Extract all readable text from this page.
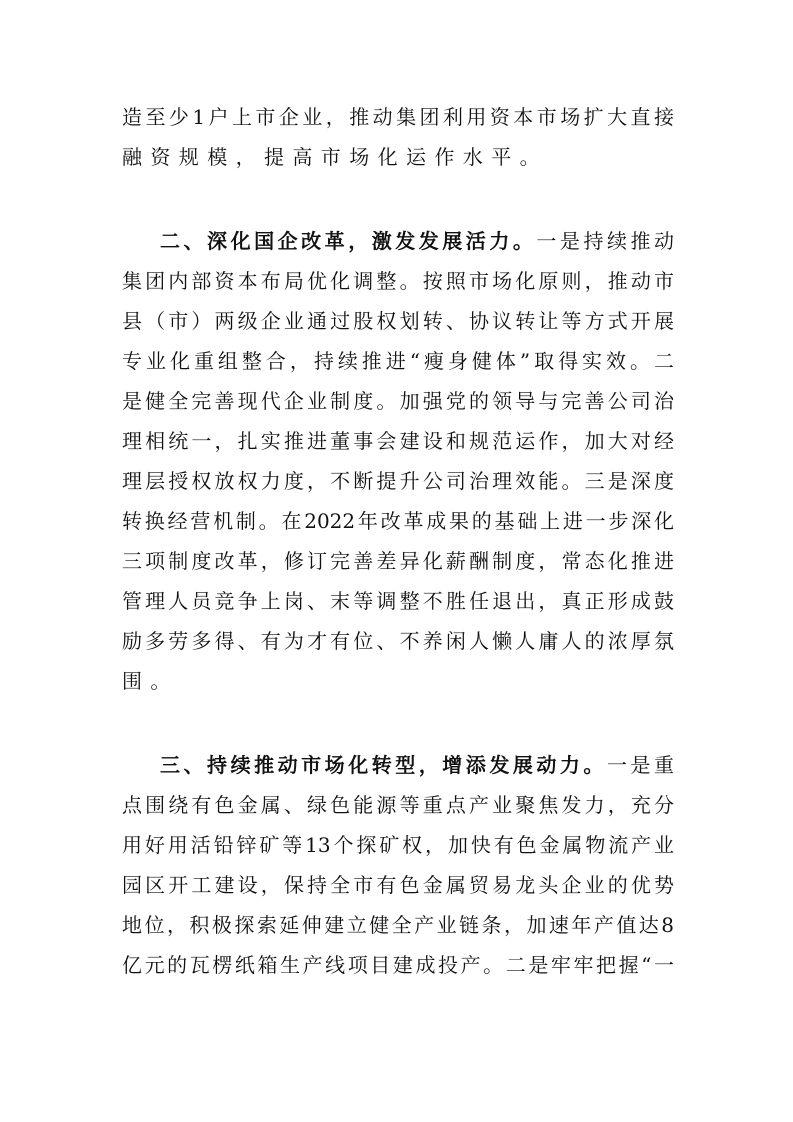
造至少1户上市企业，推动集团利用资本市场扩大直接
融资规模，提高市场化运作水平。
二、深化国企改革，激发发展活力。一是持续推动
集团内部资本布局优化调整。按照市场化原则，推动市
县（市）两级企业通过股权划转、协议转让等方式开展
专业化重组整合，持续推进“瘦身健体”取得实效。二
是健全完善现代企业制度。加强党的领导与完善公司治
理相统一，扎实推进董事会建设和规范运作，加大对经
理层授权放权力度，不断提升公司治理效能。三是深度
转换经营机制。在2022年改革成果的基础上进一步深化
三项制度改革，修订完善差异化薪酬制度，常态化推进
管理人员竞争上岗、末等调整不胜任退出，真正形成鼓
励多劳多得、有为才有位、不养闲人懒人庸人的浓厚氛
围。
三、持续推动市场化转型，增添发展动力。一是重
点围绕有色金属、绿色能源等重点产业聚焦发力，充分
用好用活铅锌矿等13个探矿权，加快有色金属物流产业
园区开工建设，保持全市有色金属贸易龙头企业的优势
地位，积极探索延伸建立健全产业链条，加速年产值达8
亿元的瓦楞纸箱生产线项目建成投产。二是牢牢把握“一
